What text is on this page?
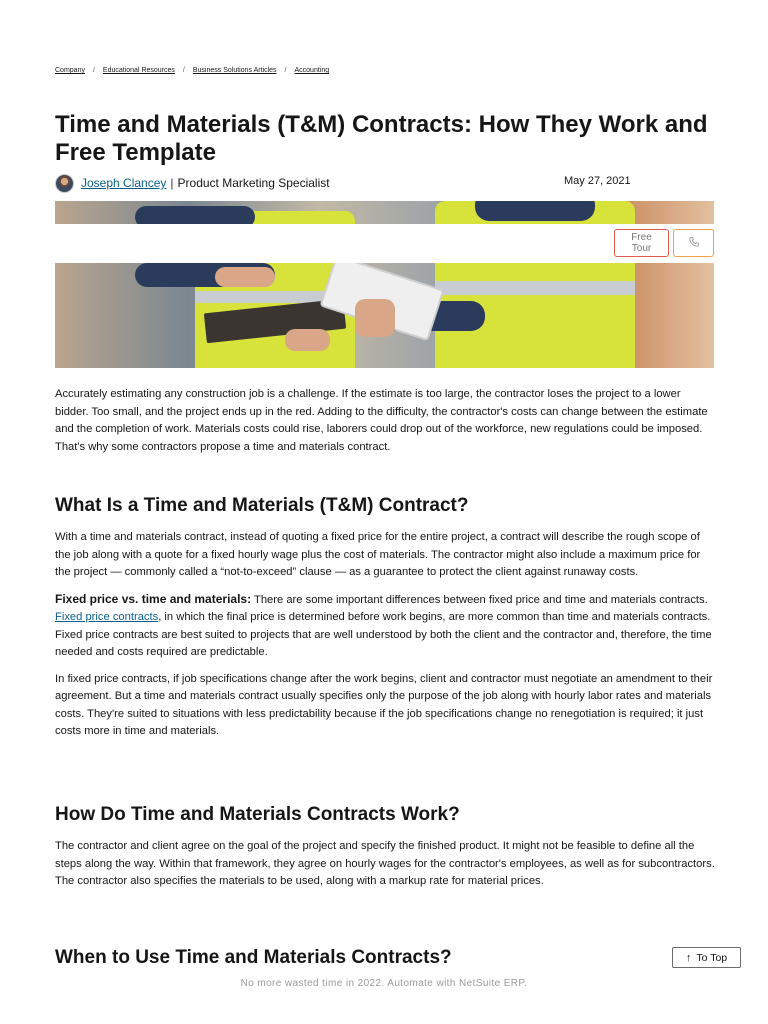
Company / Educational Resources / Business Solutions Articles / Accounting
Time and Materials (T&M) Contracts: How They Work and Free Template
Joseph Clancey | Product Marketing Specialist	May 27, 2021
Free Tour

Accurately estimating any construction job is a challenge. If the estimate is too large, the contractor loses the project to a lower bidder. Too small, and the project ends up in the red. Adding to the difficulty, the contractor's costs can change between the estimate and the completion of work. Materials costs could rise, laborers could drop out of the workforce, new regulations could be imposed. That's why some contractors propose a time and materials contract.

What Is a Time and Materials (T&M) Contract?

With a time and materials contract, instead of quoting a fixed price for the entire project, a contract will describe the rough scope of the job along with a quote for a fixed hourly wage plus the cost of materials. The contractor might also include a maximum price for the project — commonly called a “not-to-exceed” clause — as a guarantee to protect the client against runaway costs.

Fixed price vs. time and materials: There are some important differences between fixed price and time and materials contracts. Fixed price contracts, in which the final price is determined before work begins, are more common than time and materials contracts. Fixed price contracts are best suited to projects that are well understood by both the client and the contractor and, therefore, the time needed and costs required are predictable.

In fixed price contracts, if job specifications change after the work begins, client and contractor must negotiate an amendment to their agreement. But a time and materials contract usually specifies only the purpose of the job along with hourly labor rates and materials costs. They're suited to situations with less predictability because if the job specifications change no renegotiation is required; it just costs more in time and materials.

How Do Time and Materials Contracts Work?

The contractor and client agree on the goal of the project and specify the finished product. It might not be feasible to define all the steps along the way. Within that framework, they agree on hourly wages for the contractor's employees, as well as for subcontractors. The contractor also specifies the materials to be used, along with a markup rate for material prices.

When to Use Time and Materials Contracts?	↑ To Top
No more wasted time in 2022. Automate with NetSuite ERP.
